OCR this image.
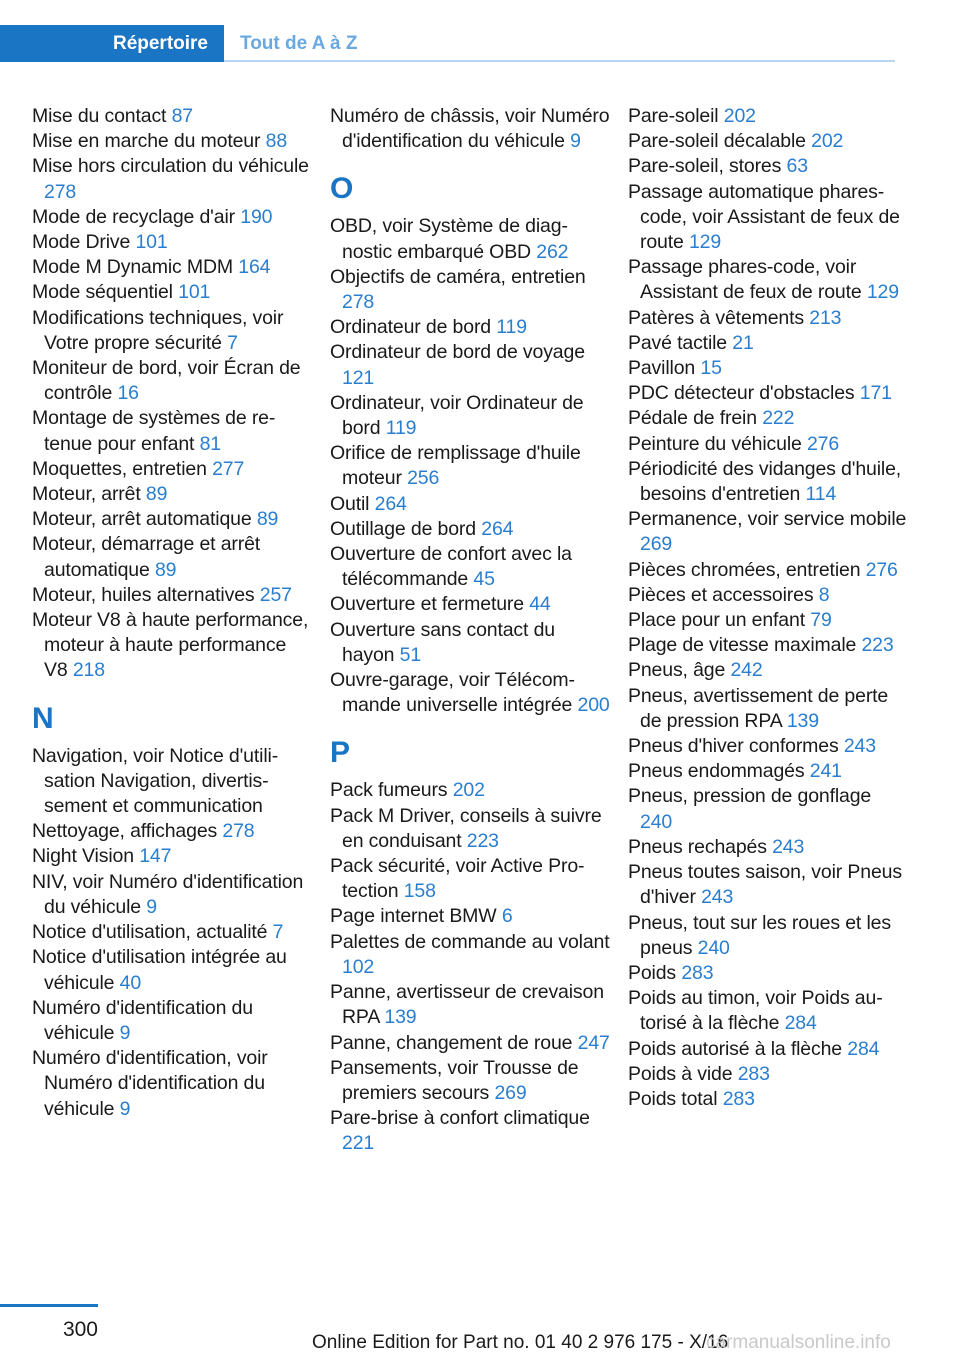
Répertoire	Tout de A à Z
Mise du contact 87
Mise en marche du moteur 88
Mise hors circulation du véhicule 278
Mode de recyclage d'air 190
Mode Drive 101
Mode M Dynamic MDM 164
Mode séquentiel 101
Modifications techniques, voir Votre propre sécurité 7
Moniteur de bord, voir Écran de contrôle 16
Montage de systèmes de retenue pour enfant 81
Moquettes, entretien 277
Moteur, arrêt 89
Moteur, arrêt automatique 89
Moteur, démarrage et arrêt automatique 89
Moteur, huiles alternatives 257
Moteur V8 à haute performance, moteur à haute performance V8 218
N
Navigation, voir Notice d'utilisation Navigation, divertissement et communication
Nettoyage, affichages 278
Night Vision 147
NIV, voir Numéro d'identification du véhicule 9
Notice d'utilisation, actualité 7
Notice d'utilisation intégrée au véhicule 40
Numéro d'identification du véhicule 9
Numéro d'identification, voir Numéro d'identification du véhicule 9
Numéro de châssis, voir Numéro d'identification du véhicule 9
O
OBD, voir Système de diagnostic embarqué OBD 262
Objectifs de caméra, entretien 278
Ordinateur de bord 119
Ordinateur de bord de voyage 121
Ordinateur, voir Ordinateur de bord 119
Orifice de remplissage d'huile moteur 256
Outil 264
Outillage de bord 264
Ouverture de confort avec la télécommande 45
Ouverture et fermeture 44
Ouverture sans contact du hayon 51
Ouvre-garage, voir Télécommande universelle intégrée 200
P
Pack fumeurs 202
Pack M Driver, conseils à suivre en conduisant 223
Pack sécurité, voir Active Protection 158
Page internet BMW 6
Palettes de commande au volant 102
Panne, avertisseur de crevaison RPA 139
Panne, changement de roue 247
Pansements, voir Trousse de premiers secours 269
Pare-brise à confort climatique 221
Pare-soleil 202
Pare-soleil décalable 202
Pare-soleil, stores 63
Passage automatique phares-code, voir Assistant de feux de route 129
Passage phares-code, voir Assistant de feux de route 129
Patères à vêtements 213
Pavé tactile 21
Pavillon 15
PDC détecteur d'obstacles 171
Pédale de frein 222
Peinture du véhicule 276
Périodicité des vidanges d'huile, besoins d'entretien 114
Permanence, voir service mobile 269
Pièces chromées, entretien 276
Pièces et accessoires 8
Place pour un enfant 79
Plage de vitesse maximale 223
Pneus, âge 242
Pneus, avertissement de perte de pression RPA 139
Pneus d'hiver conformes 243
Pneus endommagés 241
Pneus, pression de gonflage 240
Pneus rechapés 243
Pneus toutes saison, voir Pneus d'hiver 243
Pneus, tout sur les roues et les pneus 240
Poids 283
Poids au timon, voir Poids autorisé à la flèche 284
Poids autorisé à la flèche 284
Poids à vide 283
Poids total 283
300
Online Edition for Part no. 01 40 2 976 175 - X/16
carmanualsonline.info
